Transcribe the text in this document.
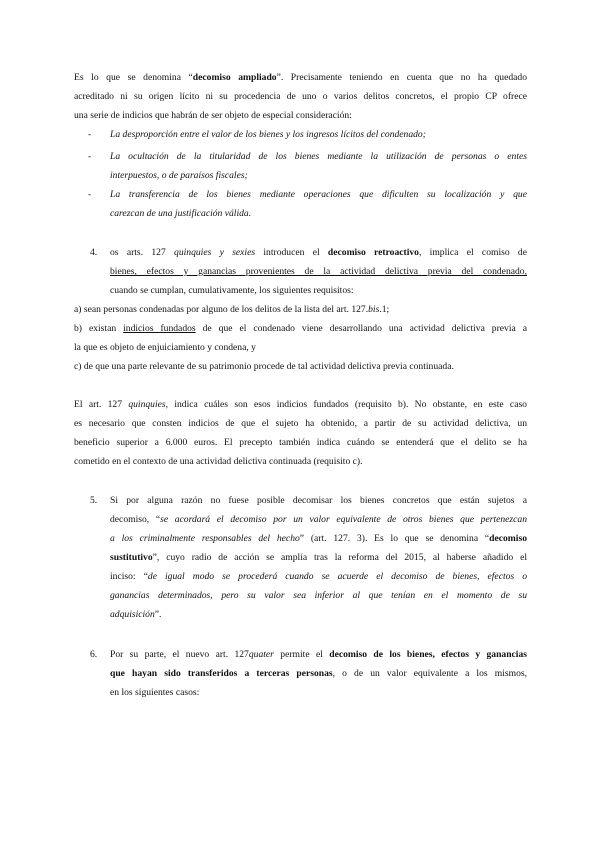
Es lo que se denomina “decomiso ampliado”. Precisamente teniendo en cuenta que no ha quedado
acreditado ni su origen lícito ni su procedencia de uno o varios delitos concretos, el propio CP ofrece
una serie de indicios que habrán de ser objeto de especial consideración:
- La desproporción entre el valor de los bienes y los ingresos lícitos del condenado;
- La ocultación de la titularidad de los bienes mediante la utilización de personas o entes
interpuestos, o de paraísos fiscales;
- La transferencia de los bienes mediante operaciones que dificulten su localización y que
carezcan de una justificación válida.
4. os arts. 127 quinquies y sexies introducen el decomiso retroactivo, implica el comiso de
bienes, efectos y ganancias provenientes de la actividad delictiva previa del condenado,
cuando se cumplan, cumulativamente, los siguientes requisitos:
a) sean personas condenadas por alguno de los delitos de la lista del art. 127.bis.1;
b) existan indicios fundados de que el condenado viene desarrollando una actividad delictiva previa a
la que es objeto de enjuiciamiento y condena, y
c) de que una parte relevante de su patrimonio procede de tal actividad delictiva previa continuada.
El art. 127 quinquies, indica cuáles son esos indicios fundados (requisito b). No obstante, en este caso
es necesario que consten indicios de que el sujeto ha obtenido, a partir de su actividad delictiva, un
beneficio superior a 6.000 euros. El precepto también indica cuándo se entenderá que el delito se ha
cometido en el contexto de una actividad delictiva continuada (requisito c).
5. Si por alguna razón no fuese posible decomisar los bienes concretos que están sujetos a
decomiso, “se acordará el decomiso por un valor equivalente de otros bienes que pertenezcan
a los criminalmente responsables del hecho” (art. 127. 3). Es lo que se denomina “decomiso
sustitutivo”, cuyo radio de acción se amplía tras la reforma del 2015, al haberse añadido el
inciso: “de igual modo se procederá cuando se acuerde el decomiso de bienes, efectos o
ganancias determinados, pero su valor sea inferior al que tenían en el momento de su
adquisición”.
6. Por su parte, el nuevo art. 127quater permite el decomiso de los bienes, efectos y ganancias
que hayan sido transferidos a terceras personas, o de un valor equivalente a los mismos,
en los siguientes casos:
